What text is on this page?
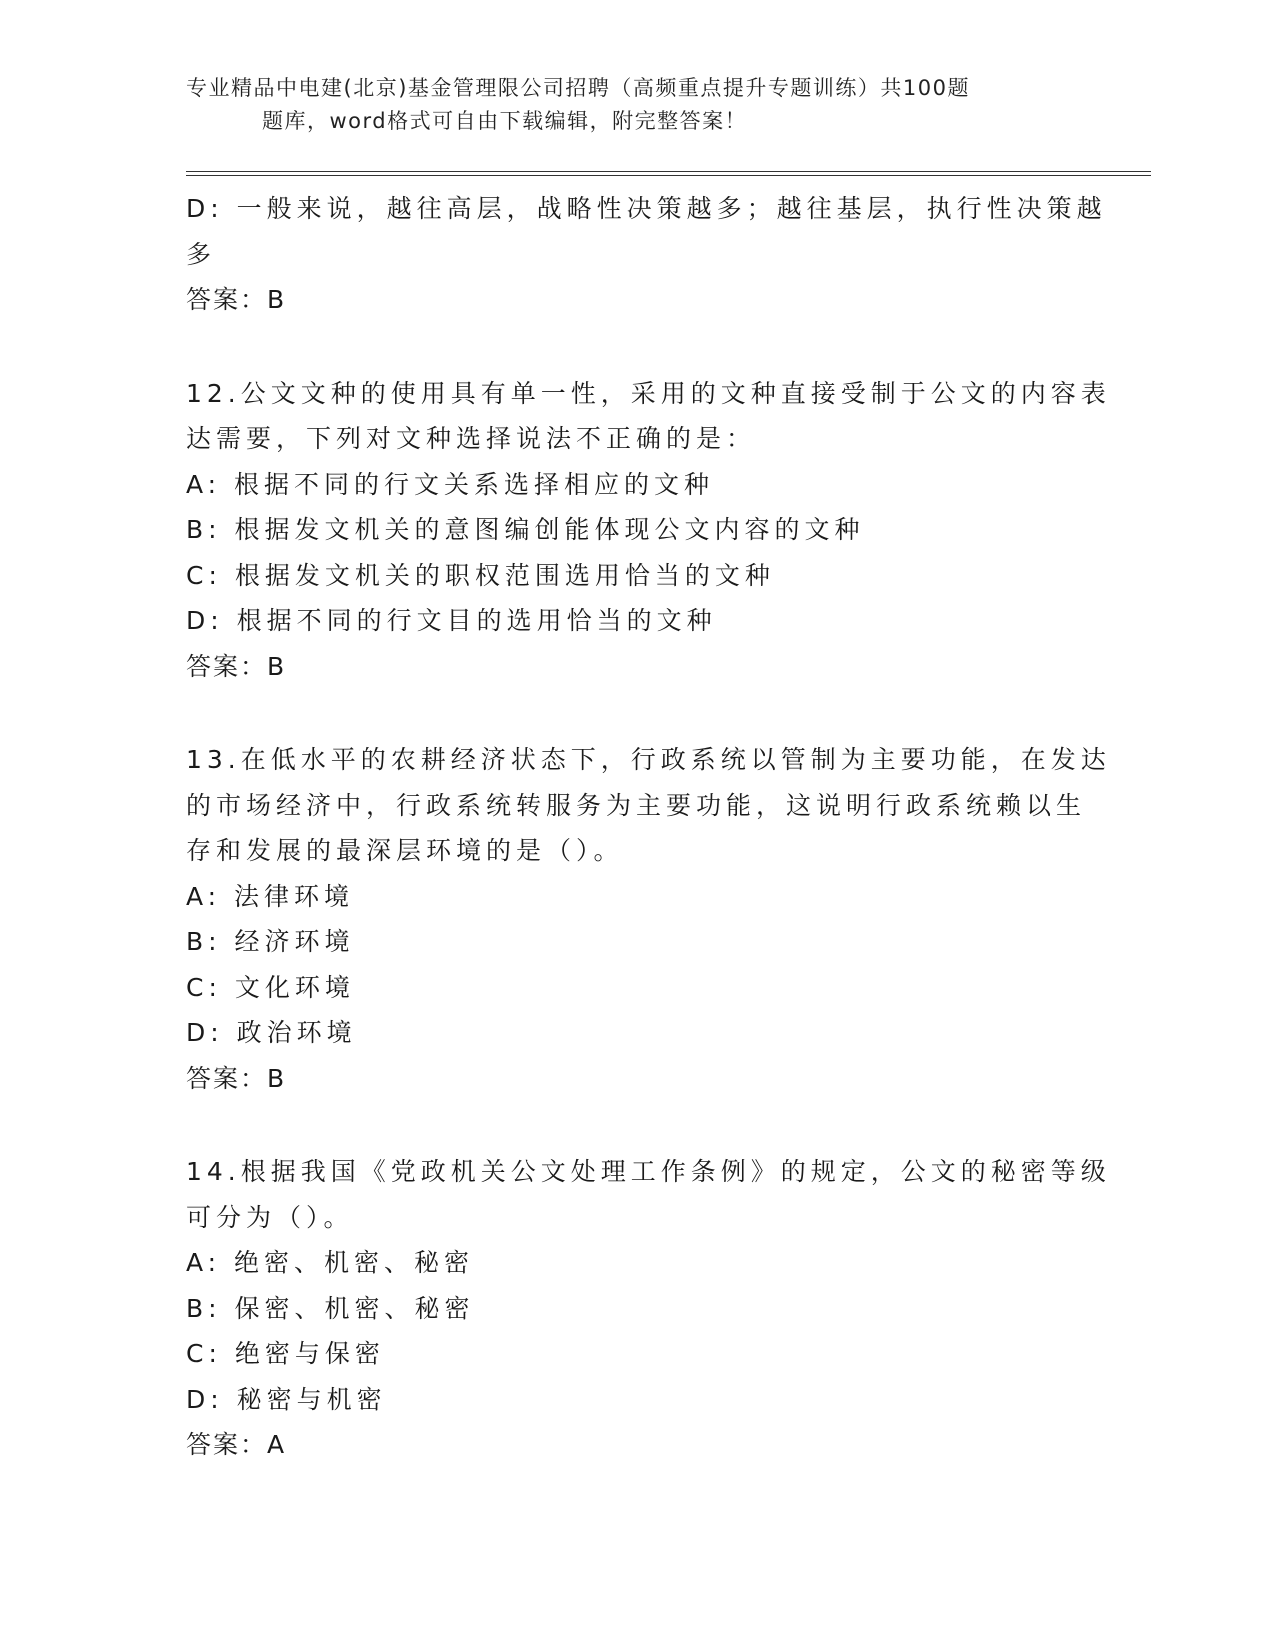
专业精品中电建(北京)基金管理限公司招聘（高频重点提升专题训练）共100题
题库，word格式可自由下载编辑，附完整答案！
D: 一般来说，越往高层，战略性决策越多；越往基层，执行性决策越
多
答案：B
12.公文文种的使用具有单一性，采用的文种直接受制于公文的内容表
达需要，下列对文种选择说法不正确的是：
A: 根据不同的行文关系选择相应的文种
B: 根据发文机关的意图编创能体现公文内容的文种
C: 根据发文机关的职权范围选用恰当的文种
D: 根据不同的行文目的选用恰当的文种
答案：B
13.在低水平的农耕经济状态下，行政系统以管制为主要功能，在发达
的市场经济中，行政系统转服务为主要功能，这说明行政系统赖以生
存和发展的最深层环境的是（）。
A: 法律环境
B: 经济环境
C: 文化环境
D: 政治环境
答案：B
14.根据我国《党政机关公文处理工作条例》的规定，公文的秘密等级
可分为（）。
A: 绝密、机密、秘密
B: 保密、机密、秘密
C: 绝密与保密
D: 秘密与机密
答案：A
